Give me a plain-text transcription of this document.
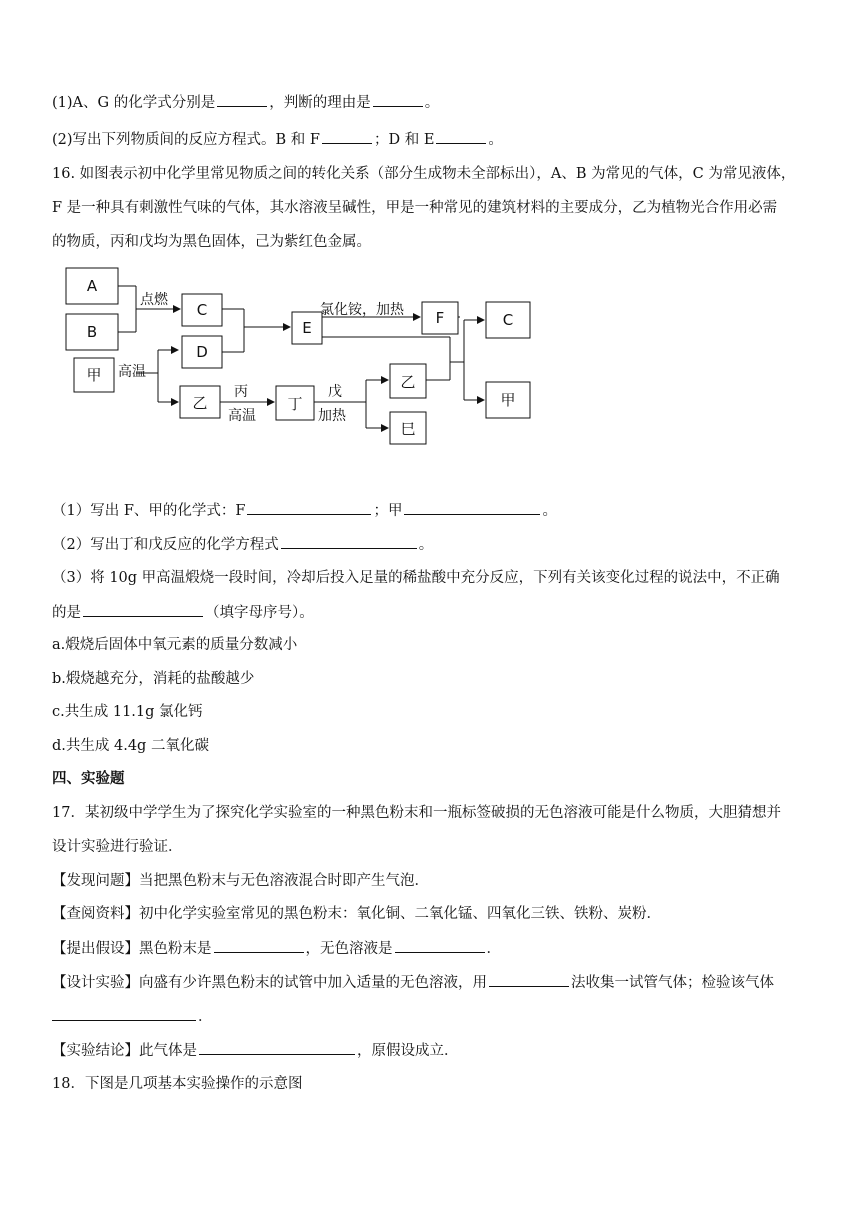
(1)A、G 的化学式分别是	，判断的理由是	。
(2)写出下列物质间的反应方程式。B 和 F	；D 和 E	。
16. 如图表示初中化学里常见物质之间的转化关系（部分生成物未全部标出），A、B 为常见的气体，C 为常见液体，
F 是一种具有刺激性气味的气体，其水溶液呈碱性，甲是一种常见的建筑材料的主要成分，乙为植物光合作用必需
的物质，丙和戊均为黑色固体，己为紫红色金属。
A
B
C
D
E
F	C
甲
乙	丁
乙
巳
甲
点燃
氯化铵，加热
高温
丙
高温
戊
加热
（1）写出 F、甲的化学式：F	；甲	。
（2）写出丁和戊反应的化学方程式	。
（3）将 10g 甲高温煅烧一段时间，冷却后投入足量的稀盐酸中充分反应，下列有关该变化过程的说法中，不正确
的是	（填字母序号）。
a.煅烧后固体中氧元素的质量分数减小
b.煅烧越充分，消耗的盐酸越少
c.共生成 11.1g 氯化钙
d.共生成 4.4g 二氧化碳
四、实验题
17．某初级中学学生为了探究化学实验室的一种黑色粉末和一瓶标签破损的无色溶液可能是什么物质，大胆猜想并
设计实验进行验证．
【发现问题】当把黑色粉末与无色溶液混合时即产生气泡．
【查阅资料】初中化学实验室常见的黑色粉末：氧化铜、二氧化锰、四氧化三铁、铁粉、炭粉．
【提出假设】黑色粉末是	，无色溶液是	．
【设计实验】向盛有少许黑色粉末的试管中加入适量的无色溶液，用	法收集一试管气体；检验该气体
．
【实验结论】此气体是	，原假设成立．
18．下图是几项基本实验操作的示意图
